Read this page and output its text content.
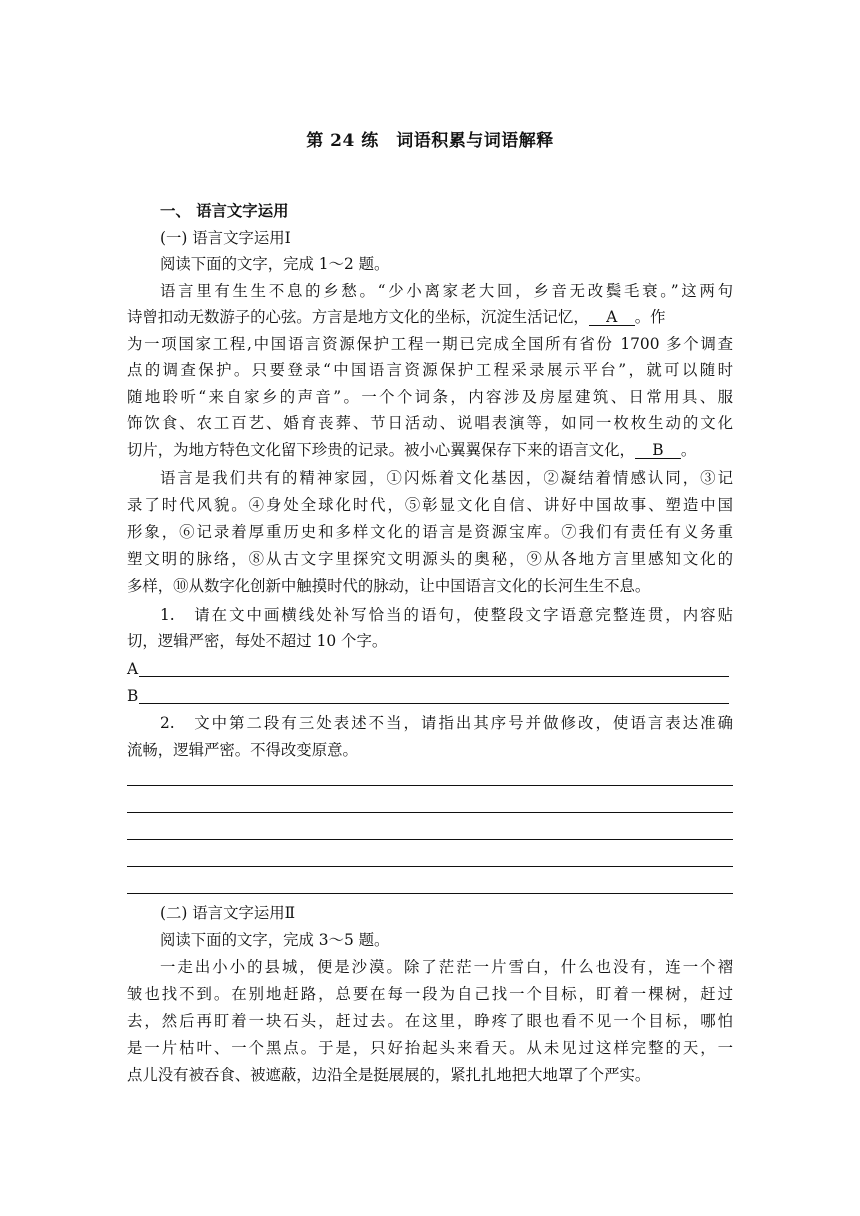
第 24 练　词语积累与词语解释
一、 语言文字运用
(一) 语言文字运用Ⅰ
阅读下面的文字，完成 1～2 题。
语言里有生生不息的乡愁。“少小离家老大回，乡音无改鬓毛衰。”这两句
诗曾扣动无数游子的心弦。方言是地方文化的坐标，沉淀生活记忆， A 。作
为一项国家工程,中国语言资源保护工程一期已完成全国所有省份 1700 多个调查
点的调查保护。只要登录“中国语言资源保护工程采录展示平台”，就可以随时
随地聆听“来自家乡的声音”。一个个词条，内容涉及房屋建筑、日常用具、服
饰饮食、农工百艺、婚育丧葬、节日活动、说唱表演等，如同一枚枚生动的文化
切片，为地方特色文化留下珍贵的记录。被小心翼翼保存下来的语言文化， B 。
语言是我们共有的精神家园，①闪烁着文化基因，②凝结着情感认同，③记
录了时代风貌。④身处全球化时代，⑤彰显文化自信、讲好中国故事、塑造中国
形象，⑥记录着厚重历史和多样文化的语言是资源宝库。⑦我们有责任有义务重
塑文明的脉络，⑧从古文字里探究文明源头的奥秘，⑨从各地方言里感知文化的
多样，⑩从数字化创新中触摸时代的脉动，让中国语言文化的长河生生不息。
1.　请在文中画横线处补写恰当的语句，使整段文字语意完整连贯，内容贴
切，逻辑严密，每处不超过 10 个字。
A
B
2.　文中第二段有三处表述不当，请指出其序号并做修改，使语言表达准确
流畅，逻辑严密。不得改变原意。
(二) 语言文字运用Ⅱ
阅读下面的文字，完成 3～5 题。
一走出小小的县城，便是沙漠。除了茫茫一片雪白，什么也没有，连一个褶
皱也找不到。在别地赶路，总要在每一段为自己找一个目标，盯着一棵树，赶过
去，然后再盯着一块石头，赶过去。在这里，睁疼了眼也看不见一个目标，哪怕
是一片枯叶、一个黑点。于是，只好抬起头来看天。从未见过这样完整的天，一
点儿没有被吞食、被遮蔽，边沿全是挺展展的，紧扎扎地把大地罩了个严实。
